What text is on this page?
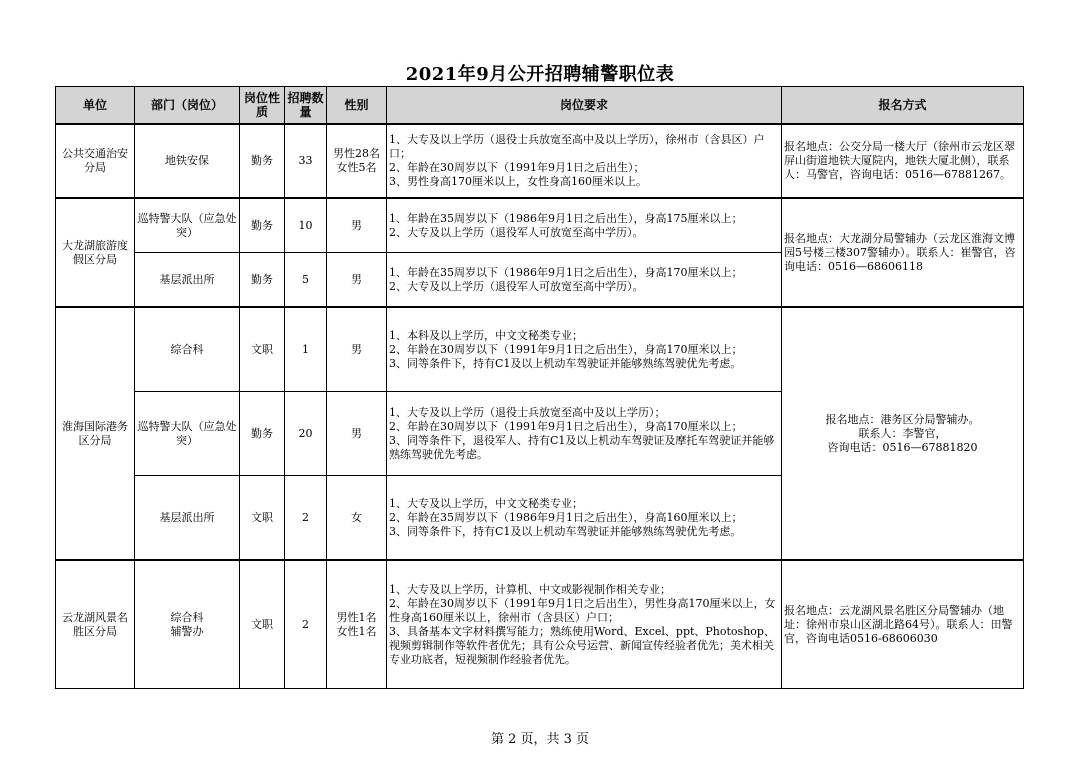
2021年9月公开招聘辅警职位表
单位	部门（岗位）	岗位性质	招聘数量	性别	岗位要求	报名方式
公共交通治安分局	地铁安保	勤务	33	男性28名女性5名	1、大专及以上学历（退役士兵放宽至高中及以上学历），徐州市（含县区）户口；
2、年龄在30周岁以下（1991年9月1日之后出生）；
3、男性身高170厘米以上，女性身高160厘米以上。	报名地点：公交分局一楼大厅（徐州市云龙区翠屏山街道地铁大厦院内，地铁大厦北侧），联系人：马警官，咨询电话：0516—67881267。
大龙湖旅游度假区分局	巡特警大队（应急处突）	勤务	10	男	1、年龄在35周岁以下（1986年9月1日之后出生），身高175厘米以上；
2、大专及以上学历（退役军人可放宽至高中学历）。	报名地点：大龙湖分局警辅办（云龙区淮海文博园5号楼三楼307警辅办）。联系人：崔警官，咨询电话：0516—68606118
	基层派出所	勤务	5	男	1、年龄在35周岁以下（1986年9月1日之后出生），身高170厘米以上；
2、大专及以上学历（退役军人可放宽至高中学历）。	
淮海国际港务区分局	综合科	文职	1	男	1、本科及以上学历，中文文秘类专业；
2、年龄在30周岁以下（1991年9月1日之后出生），身高170厘米以上；
3、同等条件下，持有C1及以上机动车驾驶证并能够熟练驾驶优先考虑。	报名地点：港务区分局警辅办。
联系人：李警官，
咨询电话：0516—67881820
	巡特警大队（应急处突）	勤务	20	男	1、大专及以上学历（退役士兵放宽至高中及以上学历）；
2、年龄在30周岁以下（1991年9月1日之后出生），身高170厘米以上；
3、同等条件下，退役军人、持有C1及以上机动车驾驶证及摩托车驾驶证并能够熟练驾驶优先考虑。	
	基层派出所	文职	2	女	1、大专及以上学历，中文文秘类专业；
2、年龄在35周岁以下（1986年9月1日之后出生），身高160厘米以上；
3、同等条件下，持有C1及以上机动车驾驶证并能够熟练驾驶优先考虑。	
云龙湖风景名胜区分局	综合科
辅警办	文职	2	男性1名
女性1名	1、大专及以上学历，计算机、中文或影视制作相关专业；
2、年龄在30周岁以下（1991年9月1日之后出生），男性身高170厘米以上，女性身高160厘米以上，徐州市（含县区）户口；
3、具备基本文字材料撰写能力；熟练使用Word、Excel、ppt、Photoshop、视频剪辑制作等软件者优先；具有公众号运营、新闻宣传经验者优先；美术相关专业功底者，短视频制作经验者优先。	报名地点：云龙湖风景名胜区分局警辅办（地址：徐州市泉山区湖北路64号）。联系人：田警官，咨询电话0516-68606030
第 2 页，共 3 页
